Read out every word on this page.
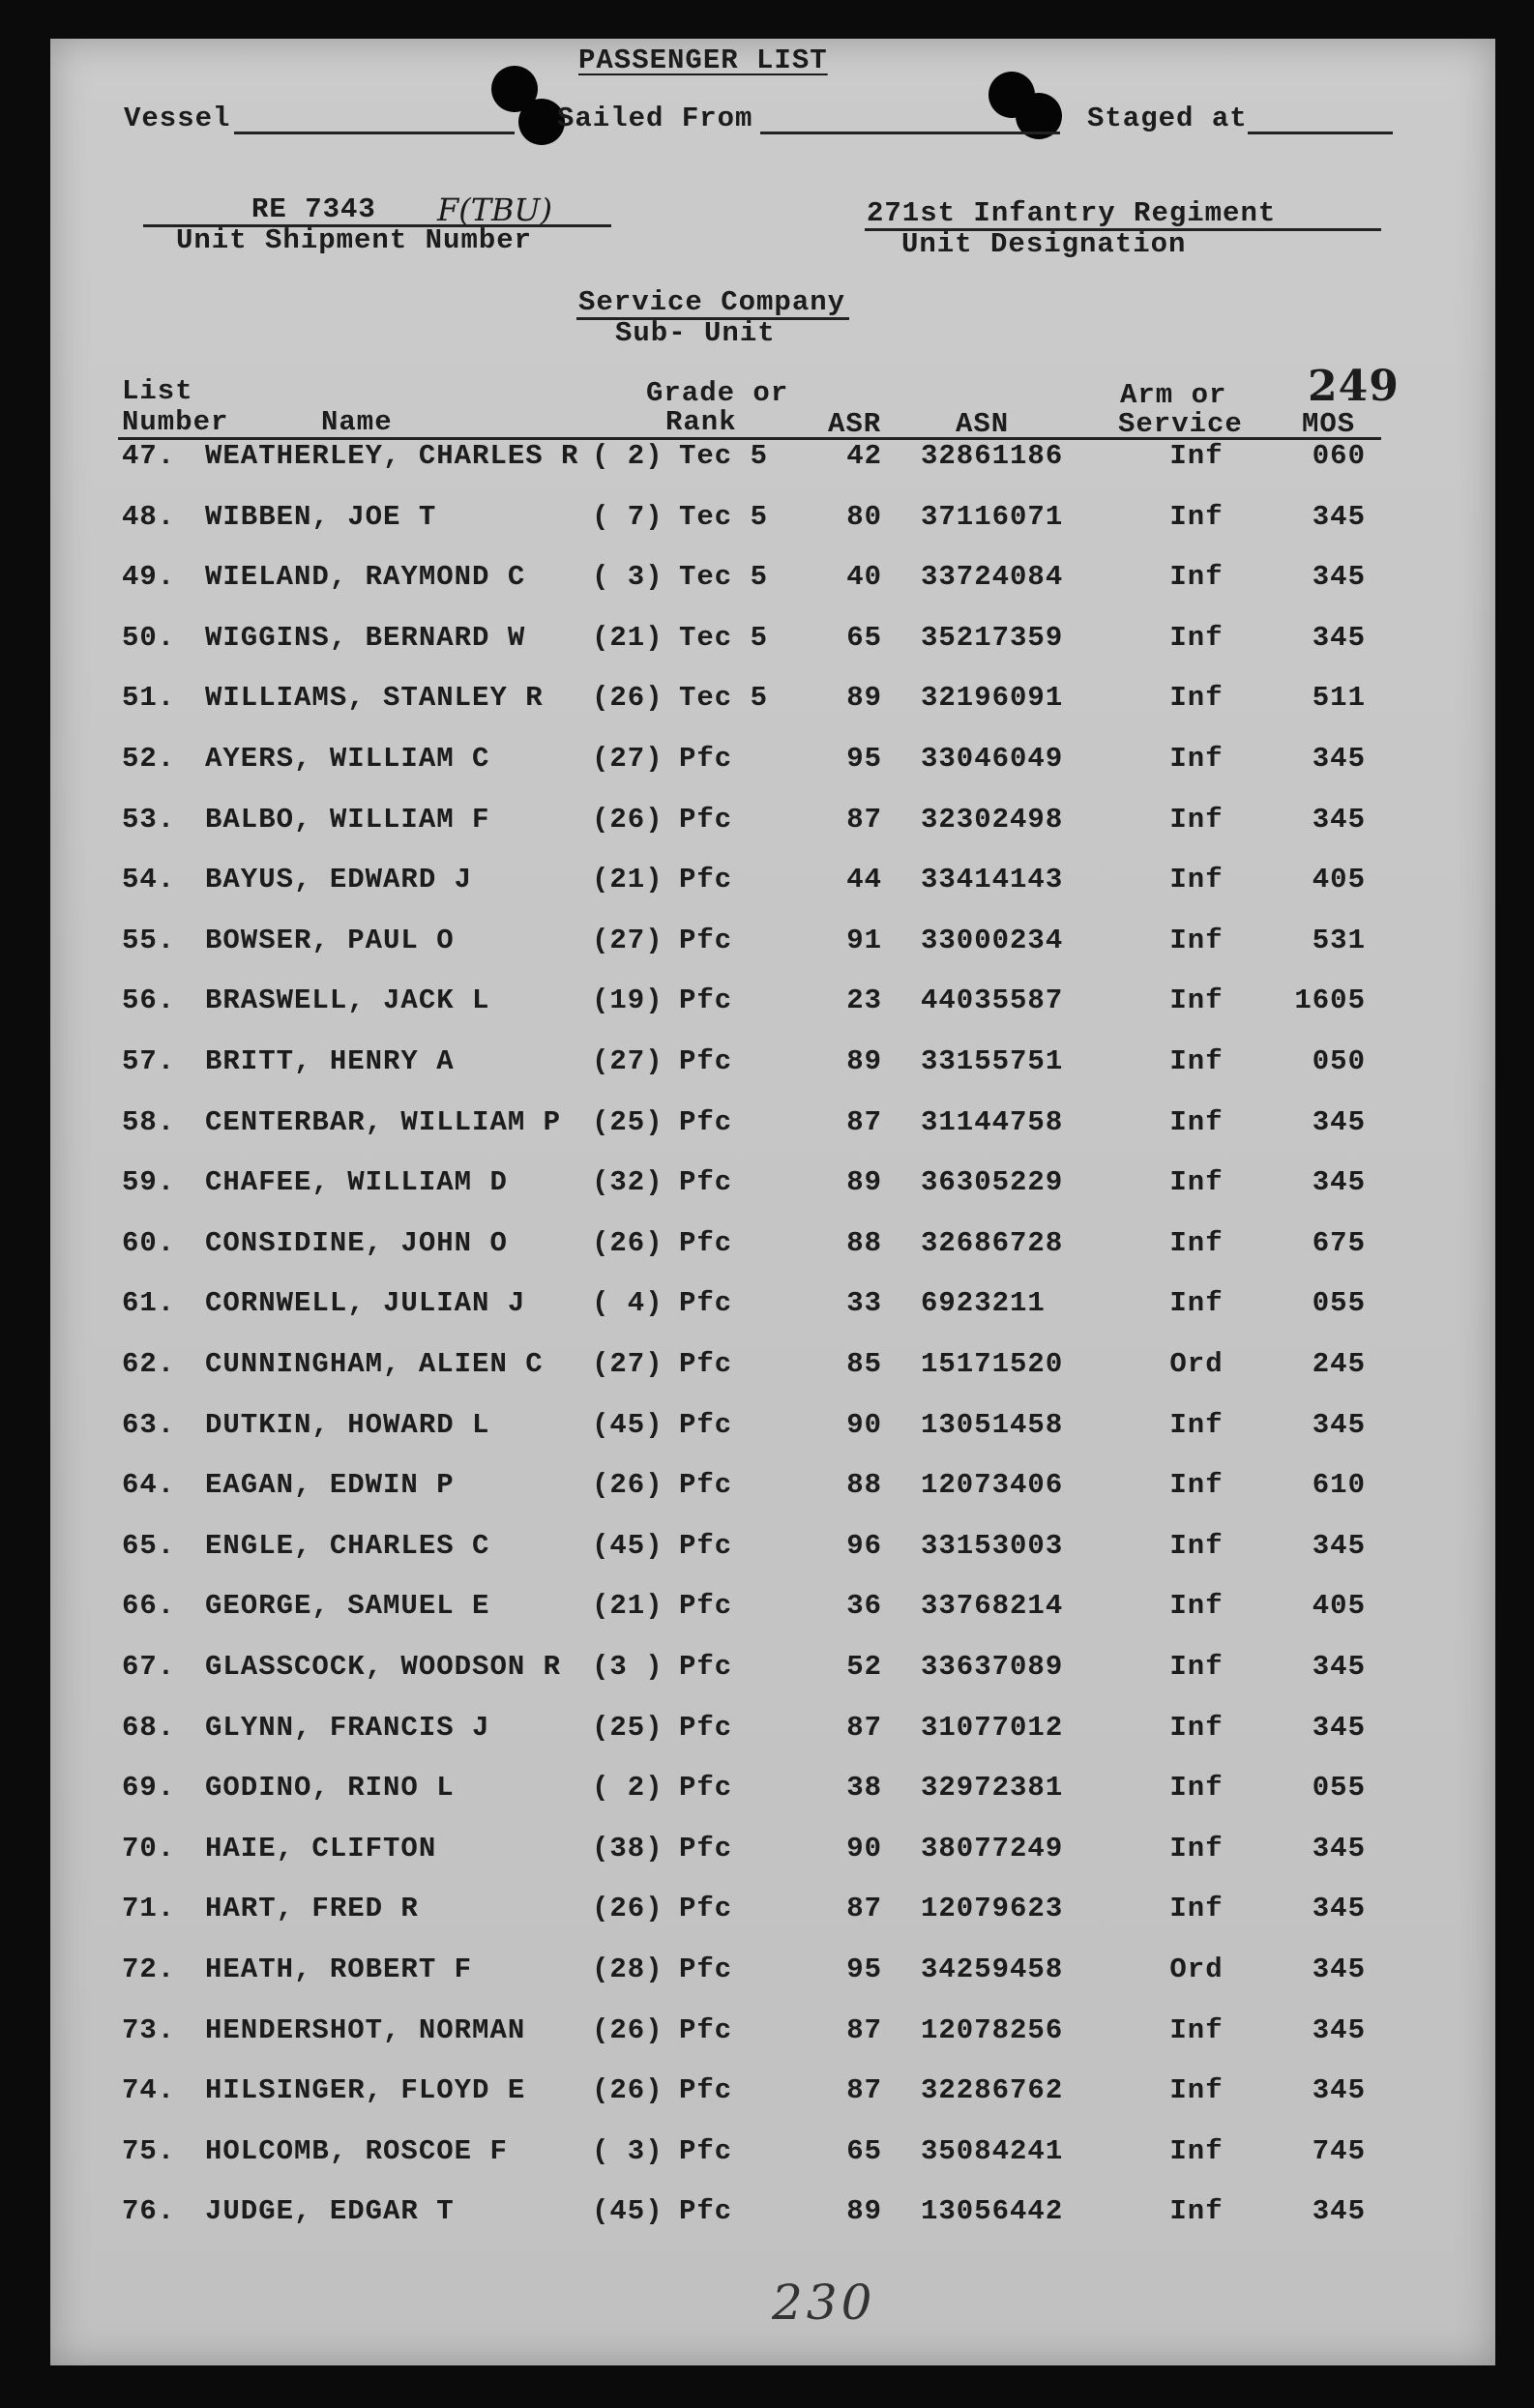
PASSENGER LIST
Vessel	Sailed From	Staged at
RE 7343 F(TBU)
Unit Shipment Number
271st Infantry Regiment
Unit Designation
Service Company
Sub- Unit
249
List
Number	Name
Grade or
Rank	ASR	ASN
Arm or
Service MOS
47. WEATHERLEY, CHARLES R ( 2) Tec 5	42 32861186	Inf	060
48. WIBBEN, JOE T	( 7) Tec 5	80 37116071	Inf	345
49. WIELAND, RAYMOND C ( 3) Tec 5	40 33724084	Inf	345
50. WIGGINS, BERNARD W (21) Tec 5	65 35217359	Inf	345
51. WILLIAMS, STANLEY R (26) Tec 5	89 32196091	Inf	511
52. AYERS, WILLIAM C	(27) Pfc	95 33046049	Inf	345
53. BALBO, WILLIAM F	(26) Pfc	87 32302498	Inf	345
54. BAYUS, EDWARD J	(21) Pfc	44 33414143	Inf	405
55. BOWSER, PAUL O	(27) Pfc	91 33000234	Inf	531
56. BRASWELL, JACK L	(19) Pfc	23 44035587	Inf	1605
57. BRITT, HENRY A	(27) Pfc	89 33155751	Inf	050
58. CENTERBAR, WILLIAM P (25) Pfc	87 31144758	Inf	345
59. CHAFEE, WILLIAM D	(32) Pfc	89 36305229	Inf	345
60. CONSIDINE, JOHN O	(26) Pfc	88 32686728	Inf	675
61. CORNWELL, JULIAN J ( 4) Pfc	33 6923211	Inf	055
62. CUNNINGHAM, ALIEN C (27) Pfc	85 15171520	Ord	245
63. DUTKIN, HOWARD L	(45) Pfc	90 13051458	Inf	345
64. EAGAN, EDWIN P	(26) Pfc	88 12073406	Inf	610
65. ENGLE, CHARLES C	(45) Pfc	96 33153003	Inf	345
66. GEORGE, SAMUEL E	(21) Pfc	36 33768214	Inf	405
67. GLASSCOCK, WOODSON R (3 ) Pfc	52 33637089	Inf	345
68. GLYNN, FRANCIS J	(25) Pfc	87 31077012	Inf	345
69. GODINO, RINO L	( 2) Pfc	38 32972381	Inf	055
70. HAIE, CLIFTON	(38) Pfc	90 38077249	Inf	345
71. HART, FRED R	(26) Pfc	87 12079623	Inf	345
72. HEATH, ROBERT F	(28) Pfc	95 34259458	Ord	345
73. HENDERSHOT, NORMAN (26) Pfc	87 12078256	Inf	345
74. HILSINGER, FLOYD E (26) Pfc	87 32286762	Inf	345
75. HOLCOMB, ROSCOE F	( 3) Pfc	65 35084241	Inf	745
76. JUDGE, EDGAR T	(45) Pfc	89 13056442	Inf	345
230
